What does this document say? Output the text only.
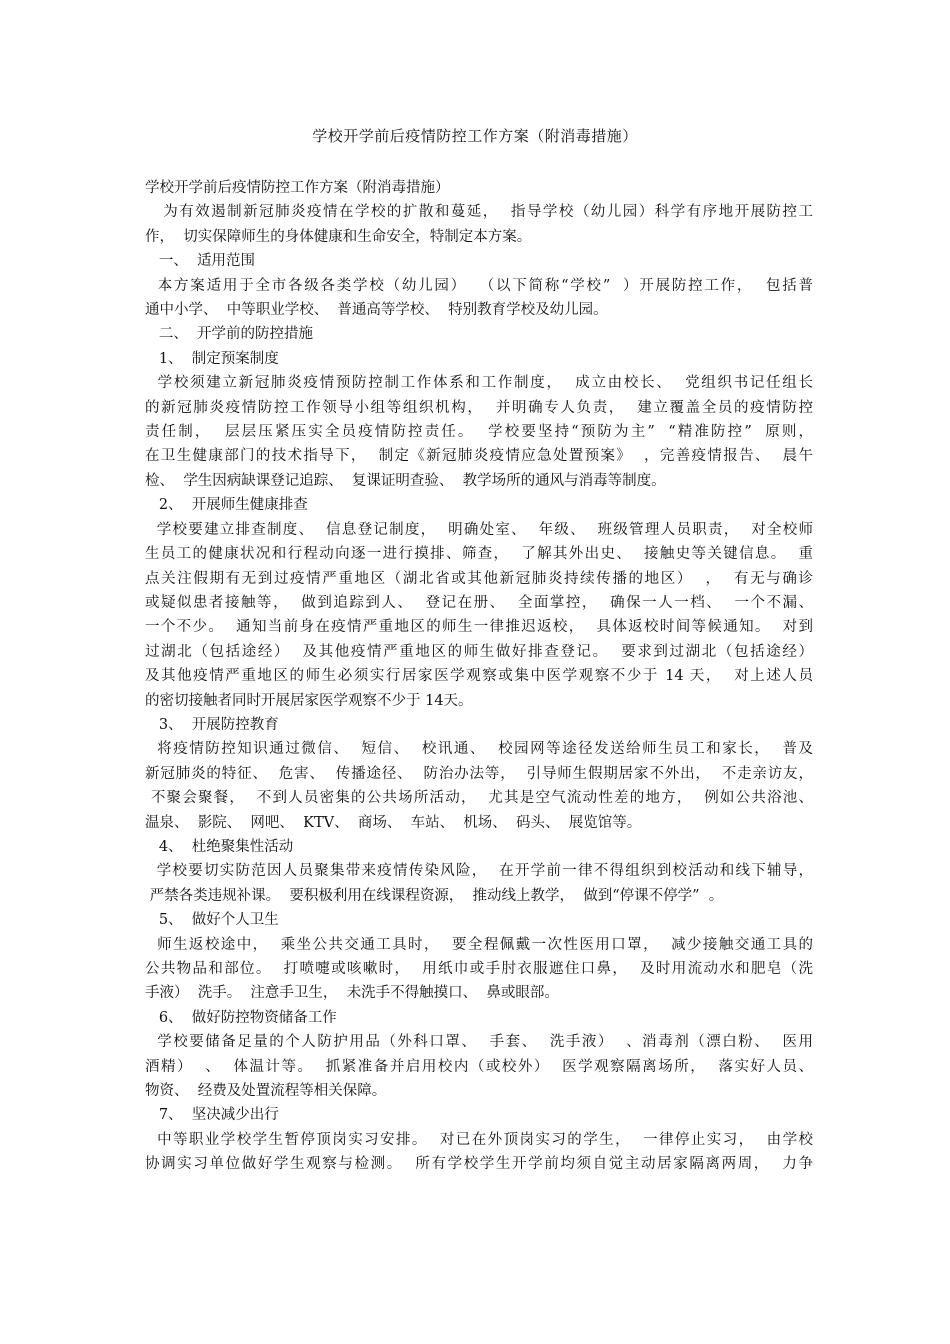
学校开学前后疫情防控工作方案（附消毒措施）

学校开学前后疫情防控工作方案（附消毒措施）

为有效遏制新冠肺炎疫情在学校的扩散和蔓延，  指导学校（幼儿园）科学有序地开展防控工

作，  切实保障师生的身体健康和生命安全，特制定本方案。

一、  适用范围

本方案适用于全市各级各类学校（幼儿园）  （以下简称“学校”  ）开展防控工作，  包括普

通中小学、  中等职业学校、  普通高等学校、  特别教育学校及幼儿园。

二、  开学前的防控措施

1、  制定预案制度

学校须建立新冠肺炎疫情预防控制工作体系和工作制度，  成立由校长、  党组织书记任组长

的新冠肺炎疫情防控工作领导小组等组织机构，  并明确专人负责，  建立覆盖全员的疫情防控

责任制，  层层压紧压实全员疫情防控责任。  学校要坚持“预防为主”  “精准防控”  原则，

在卫生健康部门的技术指导下，  制定《新冠肺炎疫情应急处置预案》  ，完善疫情报告、  晨午

检、  学生因病缺课登记追踪、  复课证明查验、  教学场所的通风与消毒等制度。

2、  开展师生健康排查

学校要建立排查制度、  信息登记制度，  明确处室、  年级、  班级管理人员职责，  对全校师

生员工的健康状况和行程动向逐一进行摸排、筛查，  了解其外出史、  接触史等关键信息。  重

点关注假期有无到过疫情严重地区（湖北省或其他新冠肺炎持续传播的地区）  ，  有无与确诊

或疑似患者接触等，  做到追踪到人、  登记在册、  全面掌控，  确保一人一档、  一个不漏、

一个不少。  通知当前身在疫情严重地区的师生一律推迟返校，  具体返校时间等候通知。  对到

过湖北（包括途经）  及其他疫情严重地区的师生做好排查登记。  要求到过湖北（包括途经）

及其他疫情严重地区的师生必须实行居家医学观察或集中医学观察不少于 14 天，  对上述人员

的密切接触者同时开展居家医学观察不少于 14天。

3、  开展防控教育

将疫情防控知识通过微信、  短信、  校讯通、  校园网等途径发送给师生员工和家长，  普及

新冠肺炎的特征、  危害、  传播途径、  防治办法等，  引导师生假期居家不外出，  不走亲访友，

不聚会聚餐，  不到人员密集的公共场所活动，  尤其是空气流动性差的地方，  例如公共浴池、

温泉、  影院、  网吧、  KTV、  商场、  车站、  机场、  码头、  展览馆等。

4、  杜绝聚集性活动

学校要切实防范因人员聚集带来疫情传染风险，  在开学前一律不得组织到校活动和线下辅导，

严禁各类违规补课。  要积极利用在线课程资源，  推动线上教学，  做到“停课不停学”  。

5、  做好个人卫生

师生返校途中，  乘坐公共交通工具时，  要全程佩戴一次性医用口罩，  减少接触交通工具的

公共物品和部位。  打喷嚏或咳嗽时，  用纸巾或手肘衣服遮住口鼻，  及时用流动水和肥皂（洗

手液）  洗手。  注意手卫生，  未洗手不得触摸口、  鼻或眼部。

6、  做好防控物资储备工作

学校要储备足量的个人防护用品（外科口罩、  手套、  洗手液）  、消毒剂（漂白粉、  医用

酒精）  、  体温计等。  抓紧准备并启用校内（或校外）  医学观察隔离场所，  落实好人员、

物资、  经费及处置流程等相关保障。

7、  坚决减少出行

中等职业学校学生暂停顶岗实习安排。  对已在外顶岗实习的学生，  一律停止实习，  由学校

协调实习单位做好学生观察与检测。  所有学校学生开学前均须自觉主动居家隔离两周，  力争
